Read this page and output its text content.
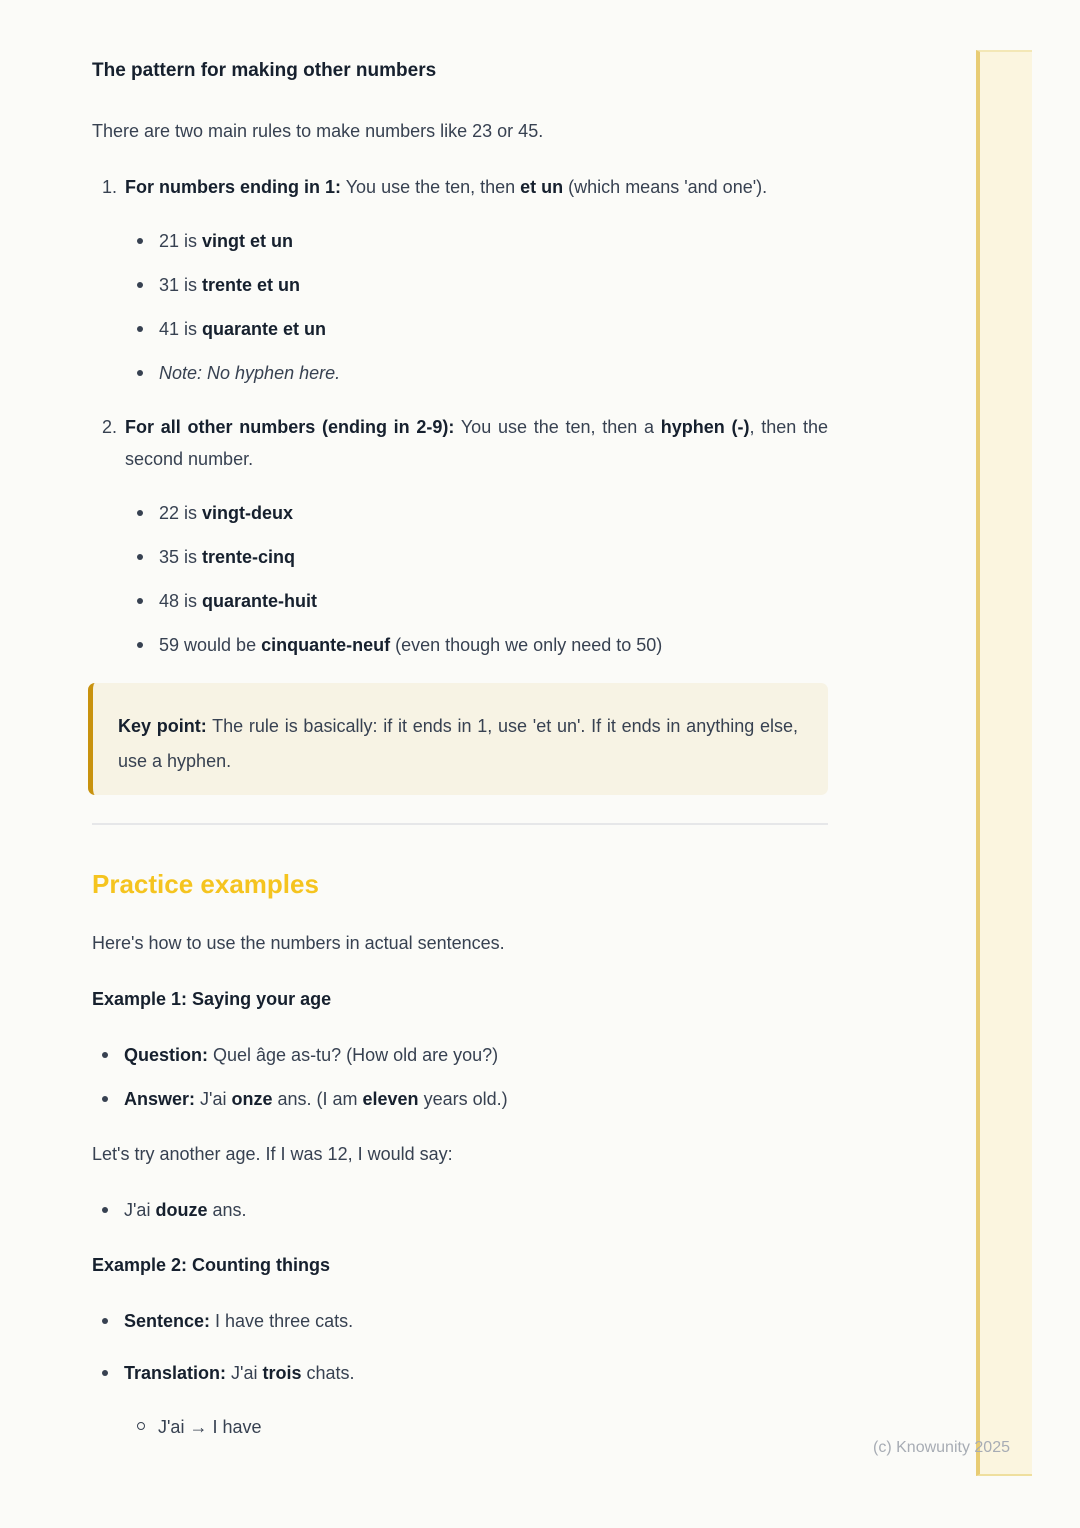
The pattern for making other numbers

There are two main rules to make numbers like 23 or 45.

1. For numbers ending in 1: You use the ten, then et un (which means 'and one').
21 is vingt et un
31 is trente et un
41 is quarante et un
Note: No hyphen here.
2. For all other numbers (ending in 2-9): You use the ten, then a hyphen (-), then the second number.
22 is vingt-deux
35 is trente-cinq
48 is quarante-huit
59 would be cinquante-neuf (even though we only need to 50)

Key point: The rule is basically: if it ends in 1, use 'et un'. If it ends in anything else, use a hyphen.

Practice examples

Here's how to use the numbers in actual sentences.

Example 1: Saying your age

Question: Quel âge as-tu? (How old are you?)
Answer: J'ai onze ans. (I am eleven years old.)

Let's try another age. If I was 12, I would say:

J'ai douze ans.

Example 2: Counting things

Sentence: I have three cats.
Translation: J'ai trois chats.
J'ai → I have
(c) Knowunity 2025
